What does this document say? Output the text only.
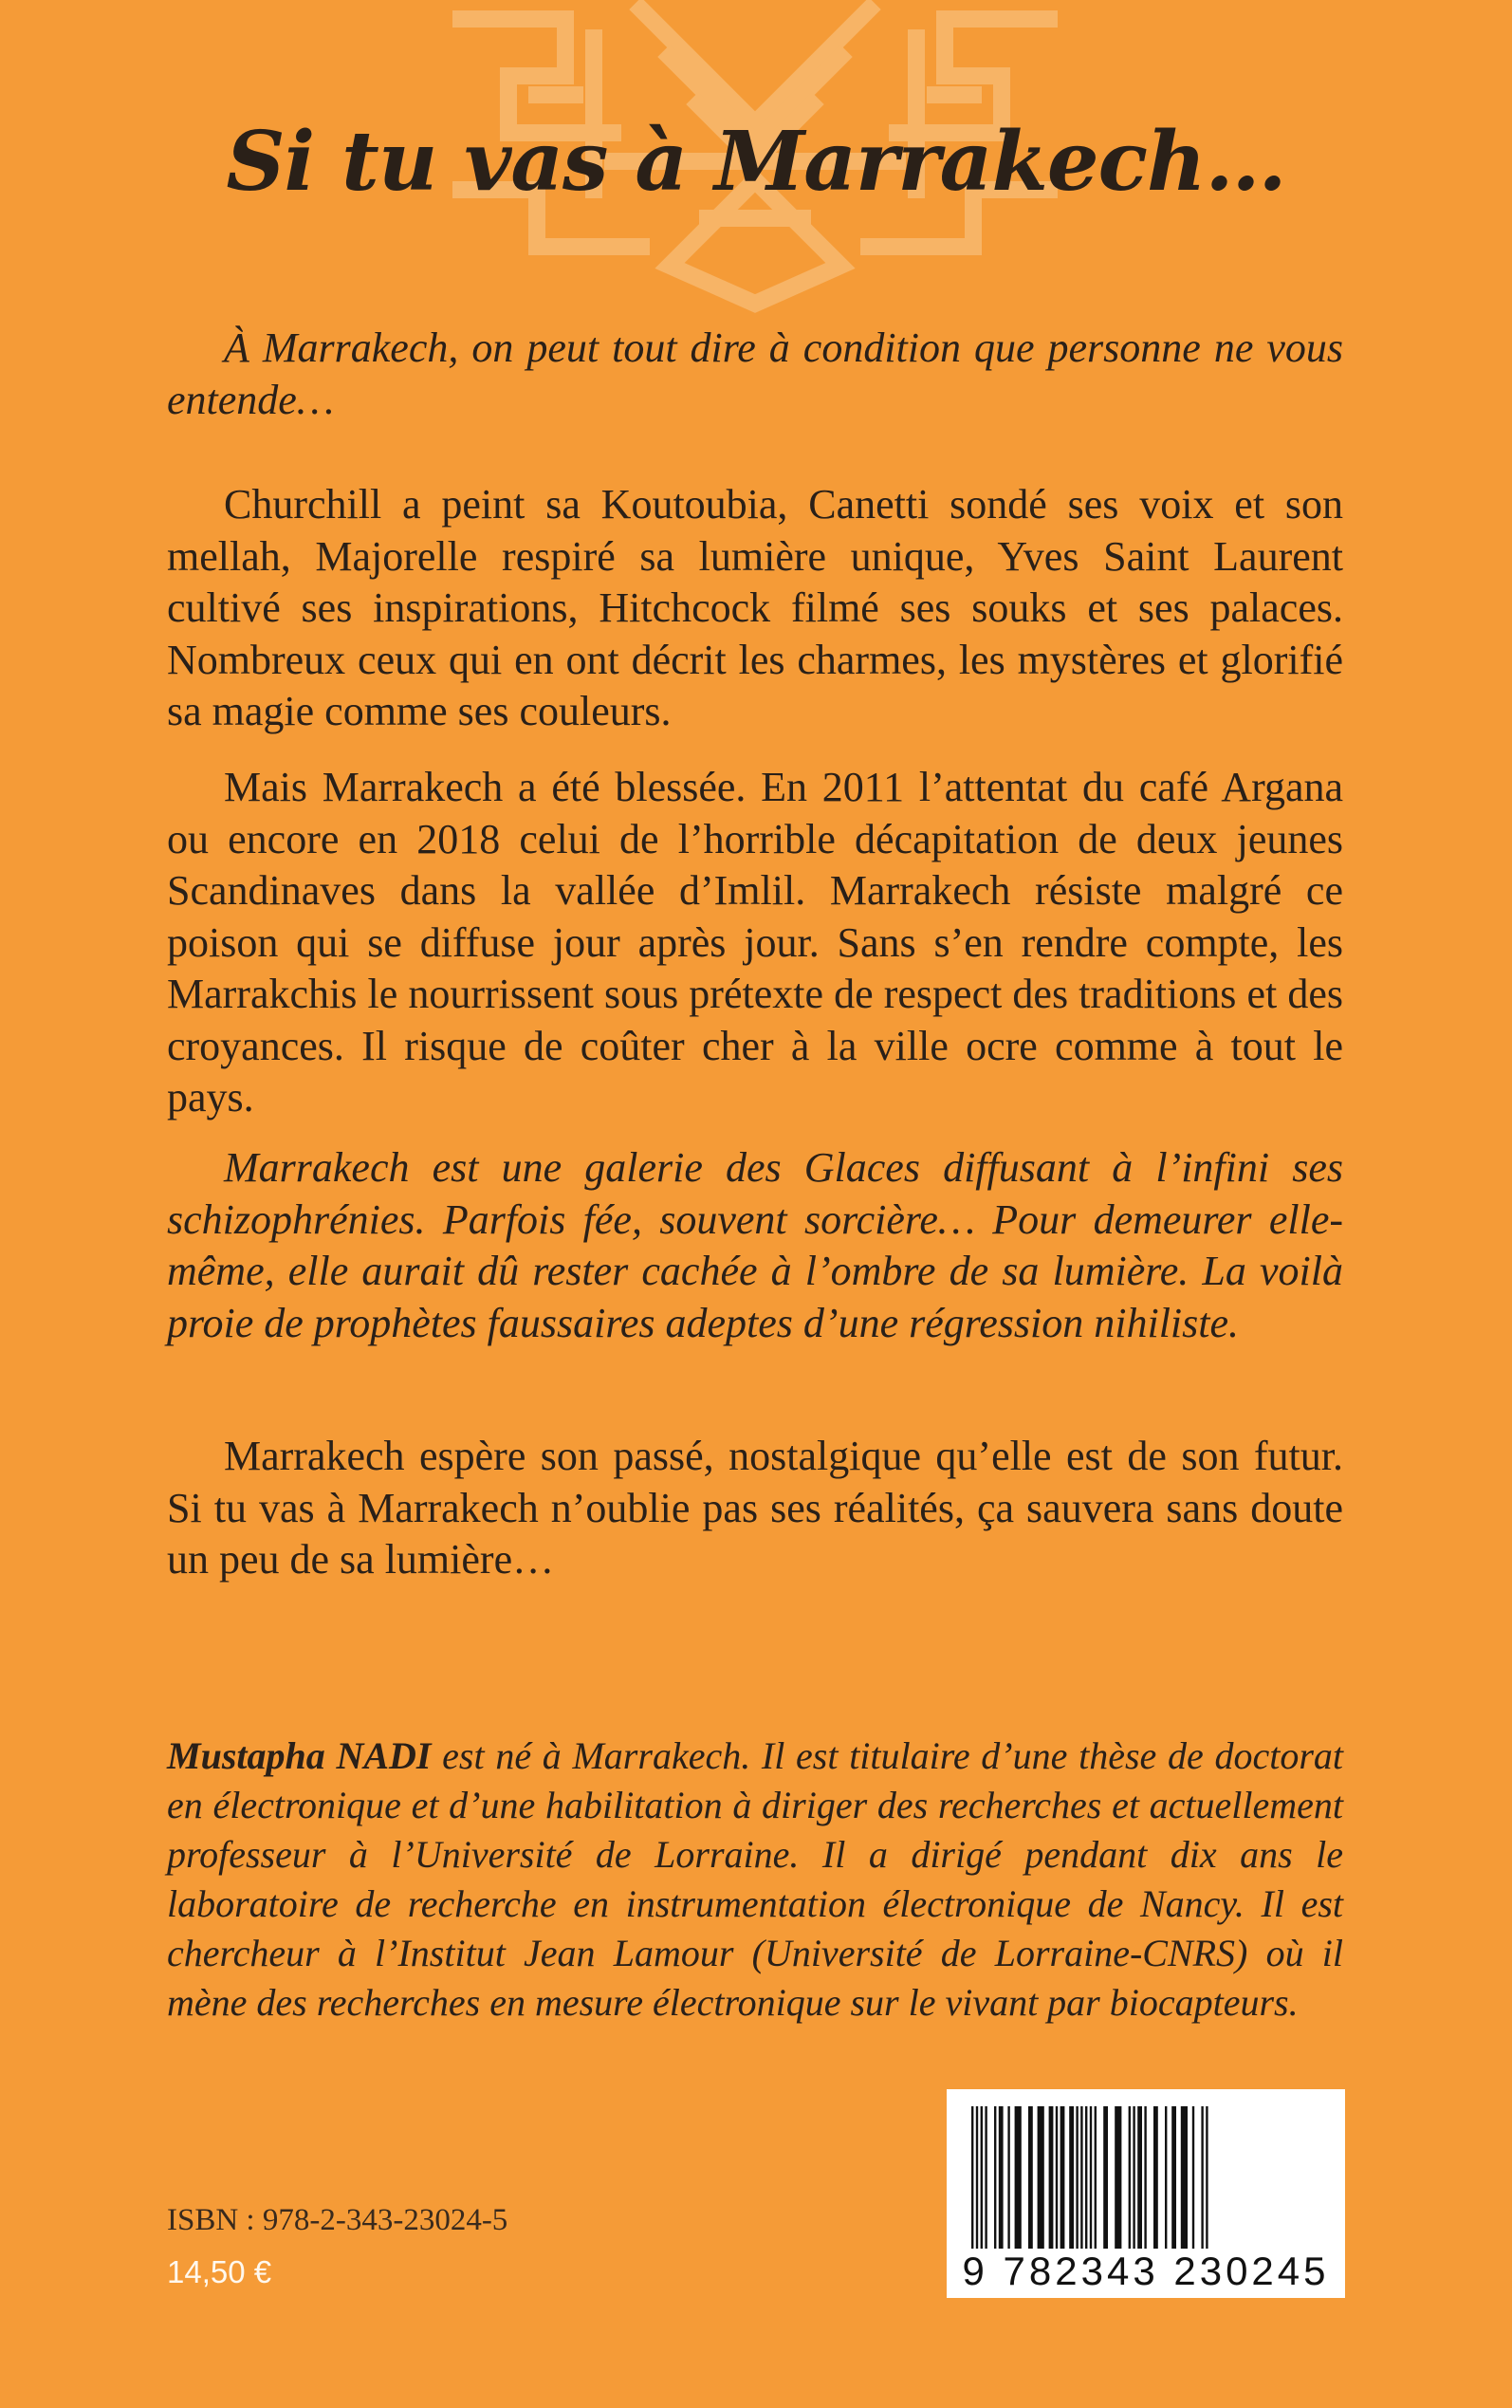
Si tu vas à Marrakech…

À Marrakech, on peut tout dire à condition que personne ne vous entende…

Churchill a peint sa Koutoubia, Canetti sondé ses voix et son mellah, Majorelle respiré sa lumière unique, Yves Saint Laurent cultivé ses inspirations, Hitchcock filmé ses souks et ses palaces. Nombreux ceux qui en ont décrit les charmes, les mystères et glorifié sa magie comme ses couleurs.

Mais Marrakech a été blessée. En 2011 l’attentat du café Argana ou encore en 2018 celui de l’horrible décapitation de deux jeunes Scandinaves dans la vallée d’Imlil. Marrakech résiste malgré ce poison qui se diffuse jour après jour. Sans s’en rendre compte, les Marrakchis le nourrissent sous prétexte de respect des traditions et des croyances. Il risque de coûter cher à la ville ocre comme à tout le pays.

Marrakech est une galerie des Glaces diffusant à l’infini ses schizophrénies. Parfois fée, souvent sorcière… Pour demeurer elle-même, elle aurait dû rester cachée à l’ombre de sa lumière. La voilà proie de prophètes faussaires adeptes d’une régression nihiliste.

Marrakech espère son passé, nostalgique qu’elle est de son futur. Si tu vas à Marrakech n’oublie pas ses réalités, ça sauvera sans doute un peu de sa lumière…

Mustapha NADI est né à Marrakech. Il est titulaire d’une thèse de doctorat en électronique et d’une habilitation à diriger des recherches et actuellement professeur à l’Université de Lorraine. Il a dirigé pendant dix ans le laboratoire de recherche en instrumentation électronique de Nancy. Il est chercheur à l’Institut Jean Lamour (Université de Lorraine-CNRS) où il mène des recherches en mesure électronique sur le vivant par biocapteurs.

ISBN : 978-2-343-23024-5

14,50 €	9 782343 230245
